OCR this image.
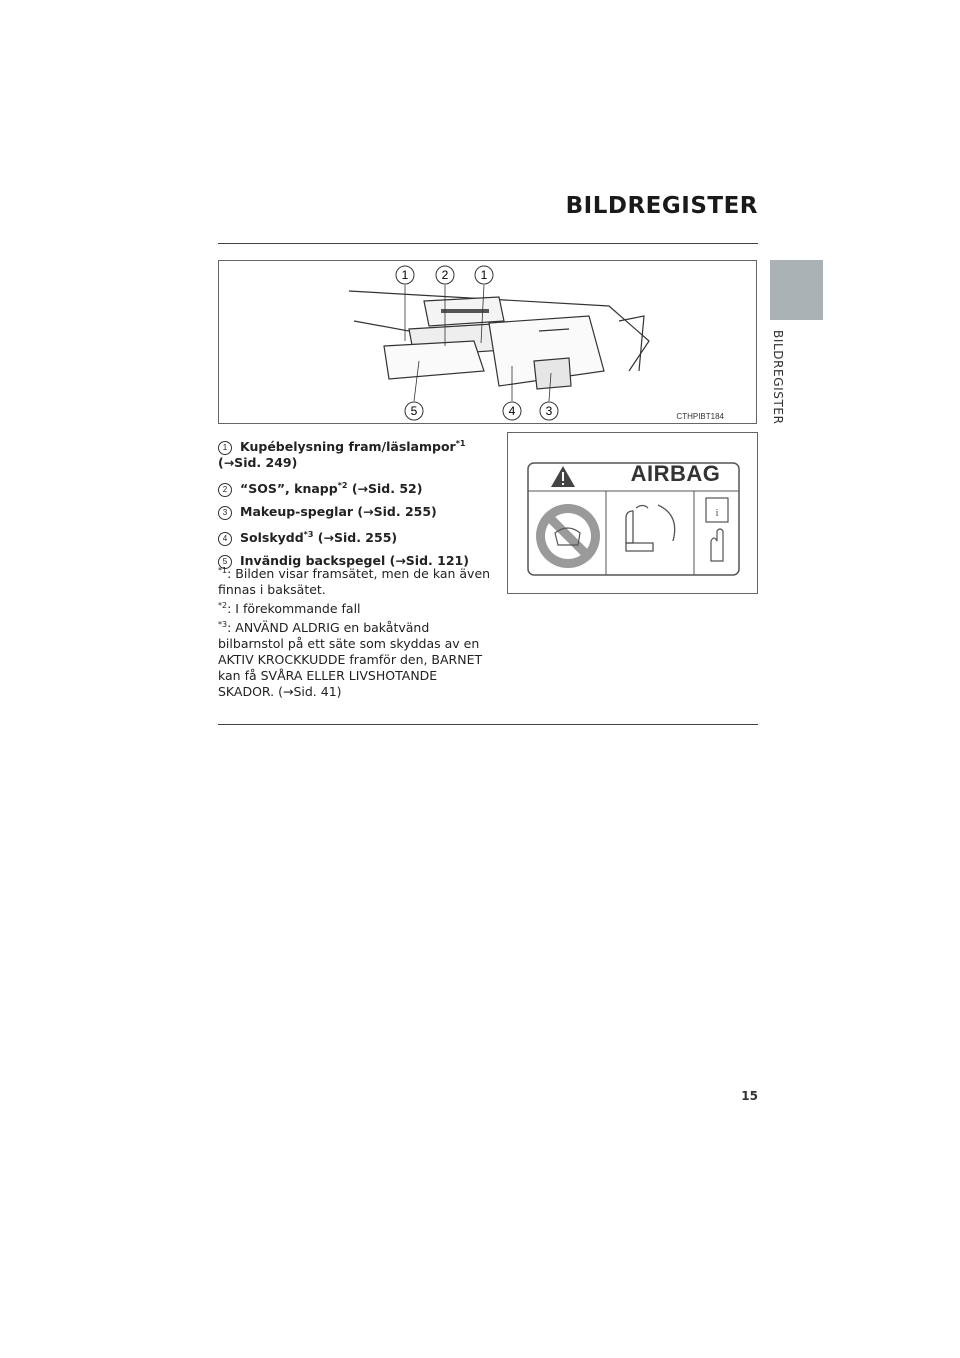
BILDREGISTER
BILDREGISTER
1	2	1
5	4	3	CTHPIBT184
i
AIRBAG
1 Kupébelysning fram/läslampor$^{*1}$
(→Sid. 249)
2 “SOS”, knapp$^{*2}$ (→Sid. 52)
3 Makeup-speglar (→Sid. 255)
4 Solskydd$^{*3}$ (→Sid. 255)
5 Invändig backspegel (→Sid. 121)
$^{*1}$: Bilden visar framsätet, men de kan även finnas i baksätet.
$^{*2}$: I förekommande fall
$^{*3}$: ANVÄND ALDRIG en bakåtvänd bilbarnstol på ett säte som skyddas av en AKTIV KROCKKUDDE framför den, BARNET kan få SVÅRA ELLER LIVSHOTANDE SKADOR. (→Sid. 41)
15
